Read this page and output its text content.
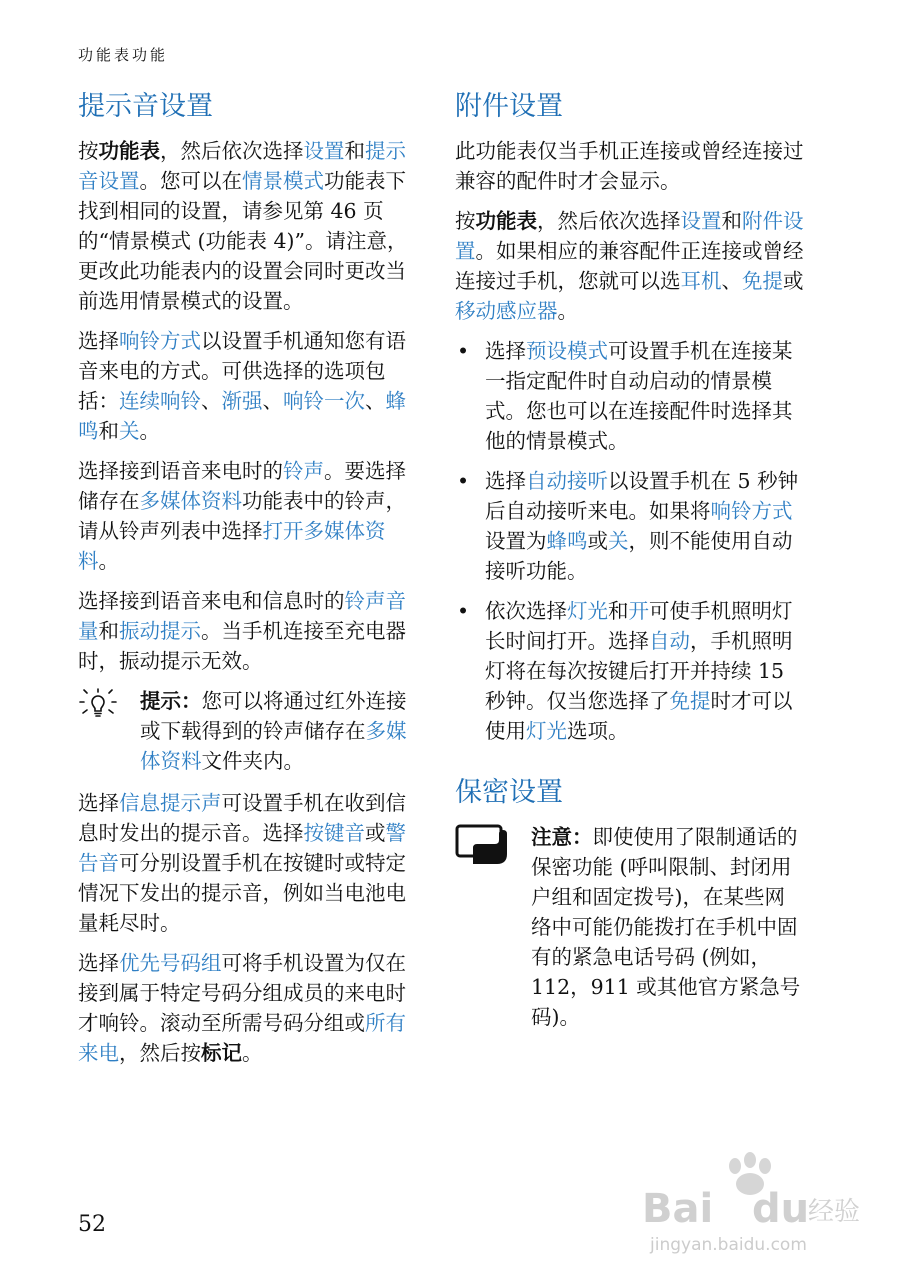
功能表功能
提示音设置

按功能表，然后依次选择设置和提示音设置。您可以在情景模式功能表下找到相同的设置，请参见第 46 页的“情景模式 (功能表 4)”。请注意，更改此功能表内的设置会同时更改当前选用情景模式的设置。

选择响铃方式以设置手机通知您有语音来电的方式。可供选择的选项包括：连续响铃、渐强、响铃一次、蜂鸣和关。

选择接到语音来电时的铃声。要选择储存在多媒体资料功能表中的铃声，请从铃声列表中选择打开多媒体资料。

选择接到语音来电和信息时的铃声音量和振动提示。当手机连接至充电器时，振动提示无效。

提示：您可以将通过红外连接或下载得到的铃声储存在多媒体资料文件夹内。

选择信息提示声可设置手机在收到信息时发出的提示音。选择按键音或警告音可分别设置手机在按键时或特定情况下发出的提示音，例如当电池电量耗尽时。

选择优先号码组可将手机设置为仅在接到属于特定号码分组成员的来电时才响铃。滚动至所需号码分组或所有来电，然后按标记。

附件设置

此功能表仅当手机正连接或曾经连接过兼容的配件时才会显示。

按功能表，然后依次选择设置和附件设置。如果相应的兼容配件正连接或曾经连接过手机，您就可以选耳机、免提或移动感应器。

• 选择预设模式可设置手机在连接某一指定配件时自动启动的情景模式。您也可以在连接配件时选择其他的情景模式。
• 选择自动接听以设置手机在 5 秒钟后自动接听来电。如果将响铃方式设置为蜂鸣或关，则不能使用自动接听功能。
• 依次选择灯光和开可使手机照明灯长时间打开。选择自动，手机照明灯将在每次按键后打开并持续 15 秒钟。仅当您选择了免提时才可以使用灯光选项。
保密设置
注意：即使使用了限制通话的保密功能 (呼叫限制、封闭用户组和固定拨号)，在某些网络中可能仍能拨打在手机中固有的紧急电话号码 (例如，112，911 或其他官方紧急号码)。
52	Bai du
经验
jingyan.baidu.com
